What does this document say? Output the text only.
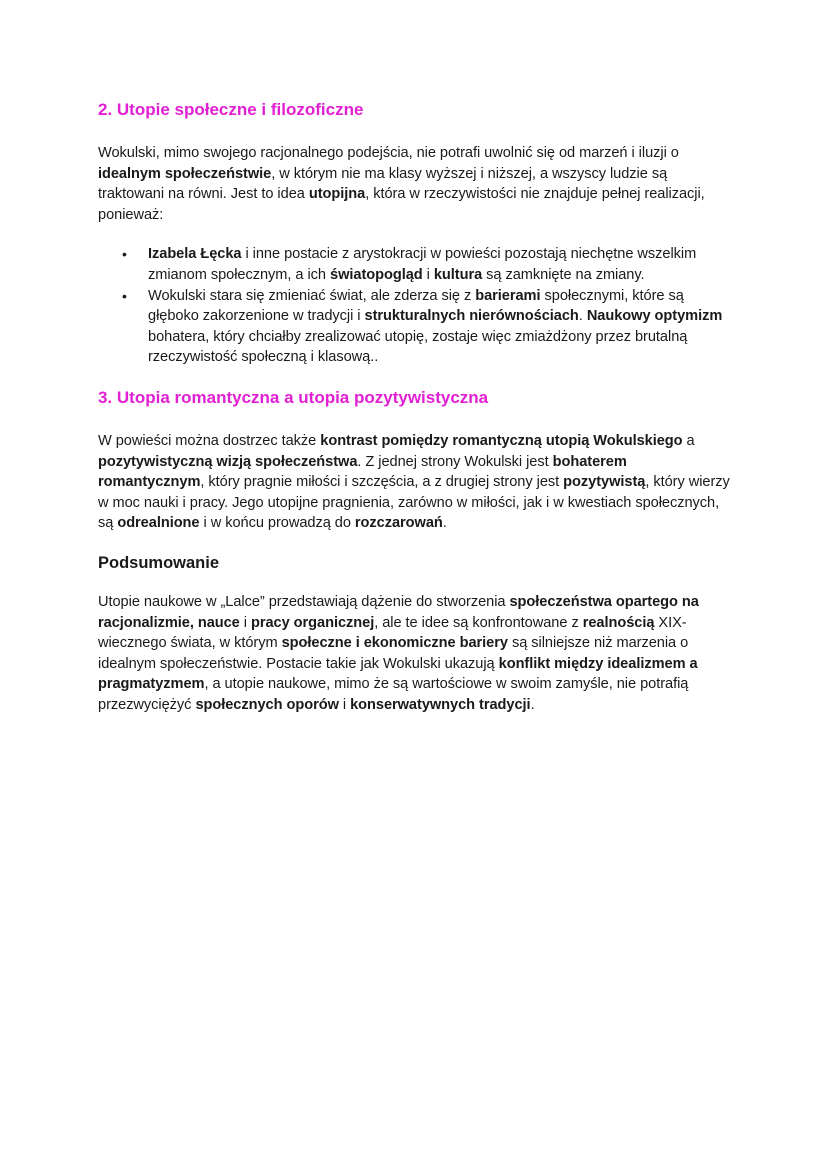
2. Utopie społeczne i filozoficzne

Wokulski, mimo swojego racjonalnego podejścia, nie potrafi uwolnić się od marzeń i iluzji o idealnym społeczeństwie, w którym nie ma klasy wyższej i niższej, a wszyscy ludzie są traktowani na równi. Jest to idea utopijna, która w rzeczywistości nie znajduje pełnej realizacji, ponieważ:

• Izabela Łęcka i inne postacie z arystokracji w powieści pozostają niechętne wszelkim zmianom społecznym, a ich światopogląd i kultura są zamknięte na zmiany.
• Wokulski stara się zmieniać świat, ale zderza się z barierami społecznymi, które są głęboko zakorzenione w tradycji i strukturalnych nierównościach. Naukowy optymizm bohatera, który chciałby zrealizować utopię, zostaje więc zmiażdżony przez brutalną rzeczywistość społeczną i klasową..
3. Utopia romantyczna a utopia pozytywistyczna

W powieści można dostrzec także kontrast pomiędzy romantyczną utopią Wokulskiego a pozytywistyczną wizją społeczeństwa. Z jednej strony Wokulski jest bohaterem romantycznym, który pragnie miłości i szczęścia, a z drugiej strony jest pozytywistą, który wierzy w moc nauki i pracy. Jego utopijne pragnienia, zarówno w miłości, jak i w kwestiach społecznych, są odrealnione i w końcu prowadzą do rozczarowań.

Podsumowanie

Utopie naukowe w „Lalce” przedstawiają dążenie do stworzenia społeczeństwa opartego na racjonalizmie, nauce i pracy organicznej, ale te idee są konfrontowane z realnością XIX-wiecznego świata, w którym społeczne i ekonomiczne bariery są silniejsze niż marzenia o idealnym społeczeństwie. Postacie takie jak Wokulski ukazują konflikt między idealizmem a pragmatyzmem, a utopie naukowe, mimo że są wartościowe w swoim zamyśle, nie potrafią przezwyciężyć społecznych oporów i konserwatywnych tradycji.
